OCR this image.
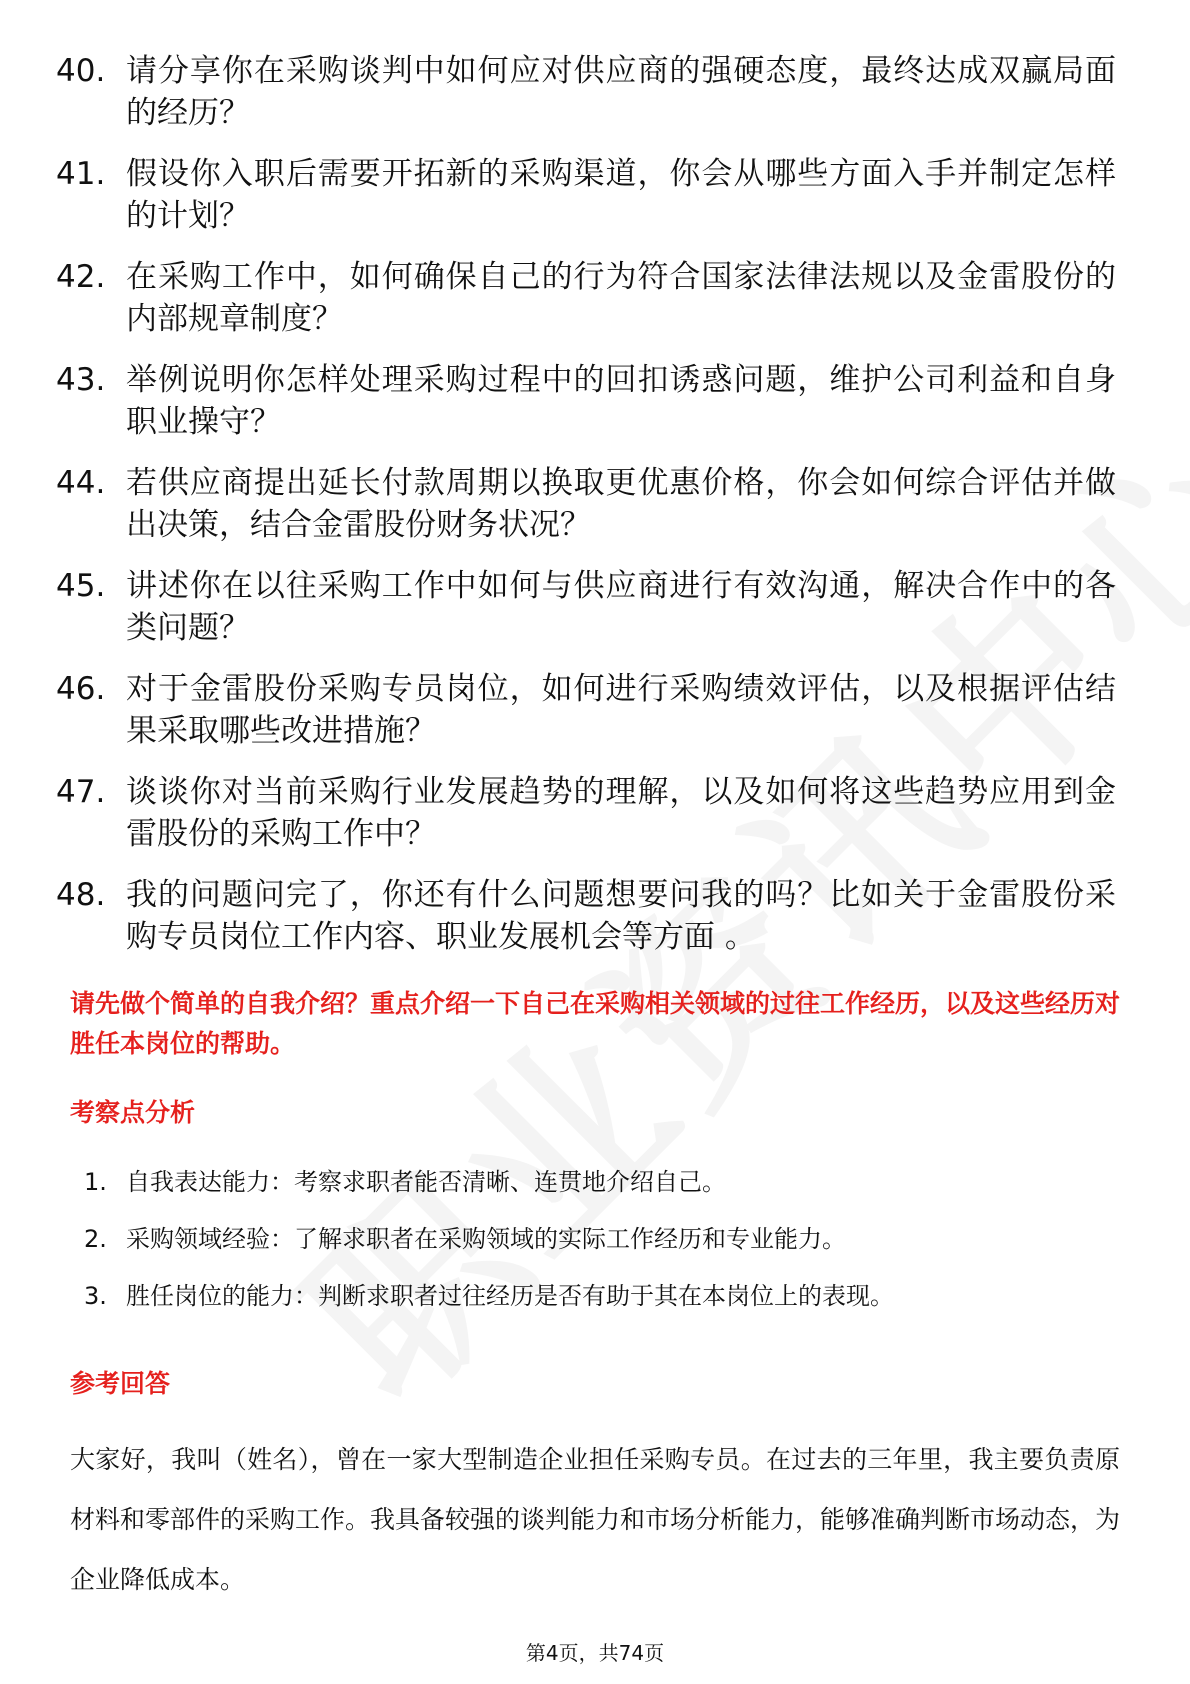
40. 请分享你在采购谈判中如何应对供应商的强硬态度，最终达成双赢局面的经历？
41. 假设你入职后需要开拓新的采购渠道，你会从哪些方面入手并制定怎样的计划？
42. 在采购工作中，如何确保自己的行为符合国家法律法规以及金雷股份的内部规章制度？
43. 举例说明你怎样处理采购过程中的回扣诱惑问题，维护公司利益和自身职业操守？
44. 若供应商提出延长付款周期以换取更优惠价格，你会如何综合评估并做出决策，结合金雷股份财务状况？
45. 讲述你在以往采购工作中如何与供应商进行有效沟通，解决合作中的各类问题？
46. 对于金雷股份采购专员岗位，如何进行采购绩效评估，以及根据评估结果采取哪些改进措施？
47. 谈谈你对当前采购行业发展趋势的理解，以及如何将这些趋势应用到金雷股份的采购工作中？
48. 我的问题问完了，你还有什么问题想要问我的吗？比如关于金雷股份采购专员岗位工作内容、职业发展机会等方面 。
请先做个简单的自我介绍？重点介绍一下自己在采购相关领域的过往工作经历，以及这些经历对胜任本岗位的帮助。
考察点分析
1. 自我表达能力：考察求职者能否清晰、连贯地介绍自己。
2. 采购领域经验：了解求职者在采购领域的实际工作经历和专业能力。
3. 胜任岗位的能力：判断求职者过往经历是否有助于其在本岗位上的表现。
参考回答
大家好，我叫（姓名），曾在一家大型制造企业担任采购专员。在过去的三年里，我主要负责原材料和零部件的采购工作。我具备较强的谈判能力和市场分析能力，能够准确判断市场动态，为企业降低成本。
第4页，共74页
